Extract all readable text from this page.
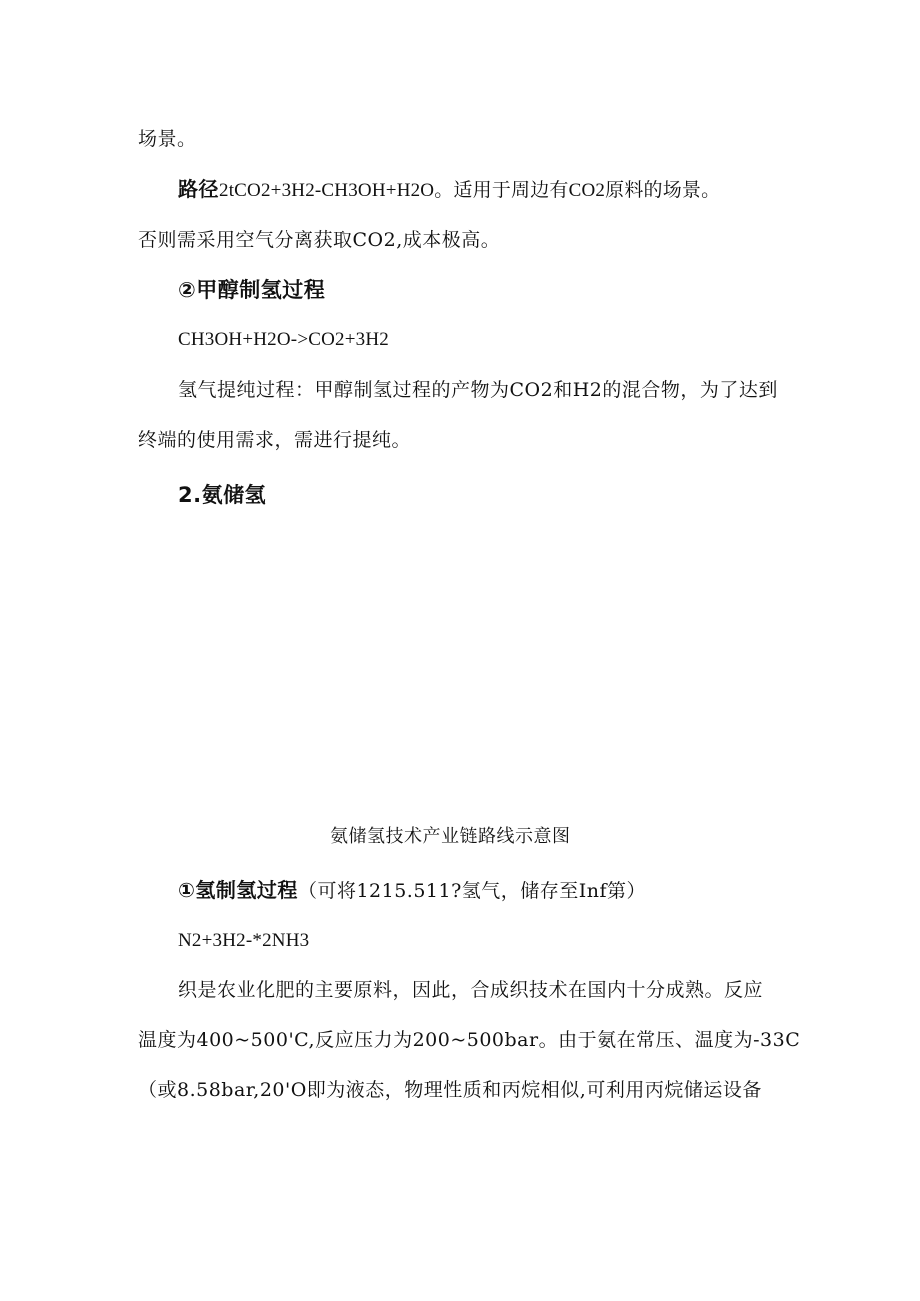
场景。
路径2tCO2+3H2-CH3OH+H2O。适用于周边有CO2原料的场景。
否则需采用空气分离获取CO2,成本极高。
②甲醇制氢过程
CH3OH+H2O->CO2+3H2
氢气提纯过程：甲醇制氢过程的产物为CO2和H2的混合物，为了达到
终端的使用需求，需进行提纯。
2.氨储氢
氨储氢技术产业链路线示意图
①氢制氢过程（可将1215.511?氢气，储存至Inf第）
N2+3H2-*2NH3
织是农业化肥的主要原料，因此，合成织技术在国内十分成熟。反应
温度为400~500'C,反应压力为200~500bar。由于氨在常压、温度为-33C
（或8.58bar,20'O即为液态，物理性质和丙烷相似,可利用丙烷储运设备
